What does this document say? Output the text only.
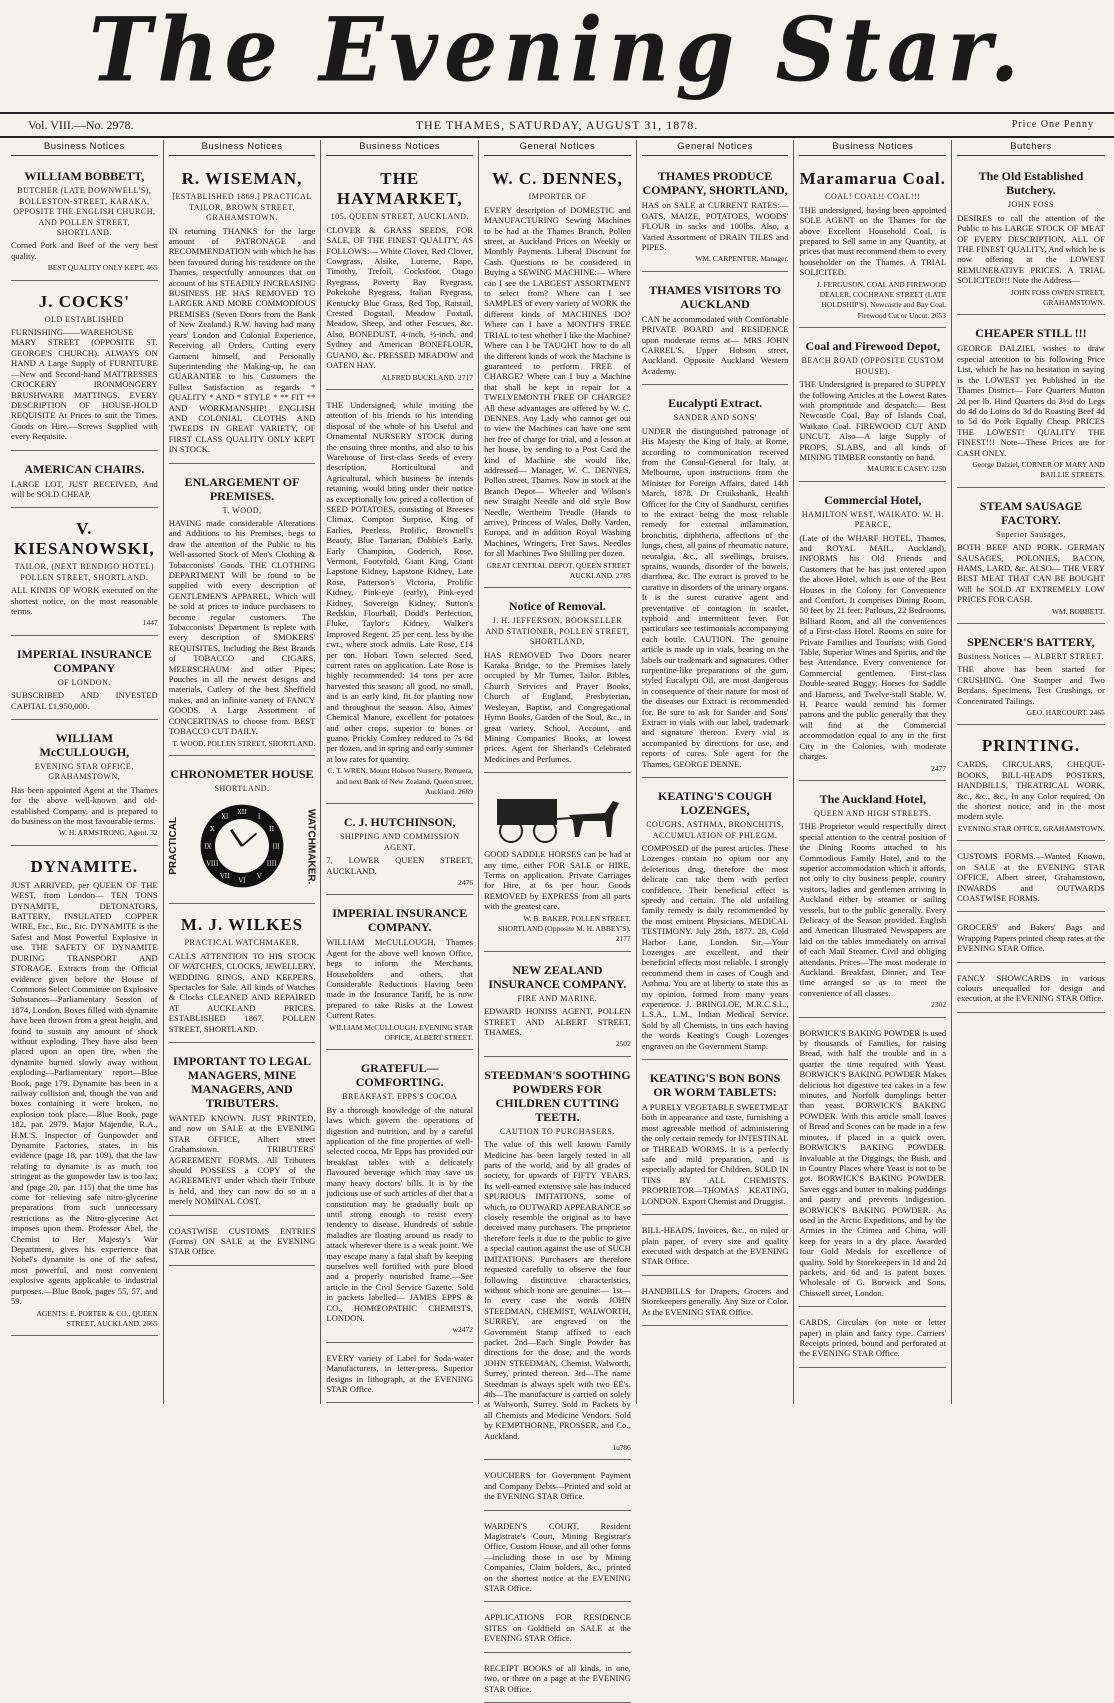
The Evening Star.
Vol. VIII.—No. 2978.	THE THAMES, SATURDAY, AUGUST 31, 1878.	Price One Penny
Business Notices
WILLIAM BOBBETT,
BUTCHER (LATE DOWNWELL'S), BOLLESTON-STREET, KARAKA, OPPOSITE THE ENGLISH CHURCH, AND POLLEN STREET, SHORTLAND.

Corned Pork and Beef of the very best quality.

BEST QUALITY ONLY KEPT. 465
J. COCKS'
OLD ESTABLISHED

FURNISHING——WAREHOUSE MARY STREET (OPPOSITE ST. GEORGE'S CHURCH). ALWAYS ON HAND A Large Supply of FURNITURE—New and Second-hand MATTRESSES CROCKERY IRONMONGERY BRUSHWARE MATTINGS. EVERY DESCRIPTION OF HOUSE-HOLD REQUISITE At Prices to suit the Times. Goods on Hire.—Screws Supplied with every Requisite.

AMERICAN CHAIRS.

LARGE LOT, JUST RECEIVED, And will be SOLD CHEAP.

V. KIESANOWSKI,
TAILOR, (NEXT BENDIGO HOTEL) POLLEN STREET, SHORTLAND.

ALL KINDS OF WORK executed on the shortest notice, on the most reasonable terms.

1447
IMPERIAL INSURANCE COMPANY
OF LONDON.

SUBSCRIBED AND INVESTED CAPITAL £1,950,000.

WILLIAM McCULLOUGH,
EVENING STAR OFFICE, GRAHAMSTOWN,

Has been appointed Agent at the Thames for the above well-known and old-established Company, and is prepared to do business on the most favourable terms.

W. H. ARMSTRONG, Agent. 32
DYNAMITE.

JUST ARRIVED, per QUEEN OF THE WEST, from London— TEN TONS DYNAMITE, DETONATORS, BATTERY, INSULATED COPPER WIRE, Etc., Etc., Etc. DYNAMITE is the Safest and Most Powerful Explosive in use. THE SAFETY OF DYNAMITE DURING TRANSPORT AND STORAGE. Extracts from the Official evidence given before the House of Commons Select Committee on Explosive Substances—Parliamentary Session of 1874, London. Boxes filled with dynamite have been thrown from a great height, and found to sustain any amount of shock without exploding. They have also been placed upon an open fire, when the dynamite burned slowly away without exploding—Parliamentary report—Blue Book, page 179. Dynamite has been in a railway collision and, though the van and boxes containing it were broken, no explosion took place.—Blue Book, page 182, par. 2979. Major Majendie, R.A., H.M.'S. Inspector of Gunpowder and Dynamite Factories, states, in his evidence (page 18, par. 109), that the law relating to dynamite is as much too stringent as the gunpowder law is too lax; and (page 20, par. 115) that the time has come for relieving safe nitro-glycerine preparations from such unnecessary restrictions as the Nitro-glycerine Act imposes upon them. Professor Abel, the Chemist to Her Majesty's War Department, gives his experience that Nobel's dynamite is one of the safest, most powerful, and most convenient explosive agents applicable to industrial purposes.—Blue Book, pages 55, 57, and 59.

AGENTS: E. PORTER & CO., QUEEN STREET, AUCKLAND. 2665
Business Notices
R. WISEMAN,
[ESTABLISHED 1869.] PRACTICAL TAILOR, BROWN STREET, GRAHAMSTOWN.

IN returning THANKS for the large amount of PATRONAGE and RECOMMENDATION with which he has been favoured during his residence on the Thames, respectfully announces that on account of his STEADILY INCREASING BUSINESS HE HAS REMOVED TO LARGER AND MORE COMMODIOUS PREMISES (Seven Doors from the Bank of New Zealand.) R.W. having had many years' London and Colonial Experience, Receiving all Orders, Cutting every Garment himself, and Personally Superintending the Making-up, he can GUARANTEE to his Customers the Fullest Satisfaction as regards * QUALITY * AND * STYLE * ** FIT ** AND WORKMANSHIP! ENGLISH AND COLONIAL CLOTHS AND TWEEDS IN GREAT VARIETY, OF FIRST CLASS QUALITY ONLY KEPT IN STOCK.

ENLARGEMENT OF PREMISES.
T. WOOD,

HAVING made considerable Alterations and Additions to his Premises, begs to draw the attention of the Public to his Well-assorted Stock of Men's Clothing & Tobacconists' Goods. THE CLOTHING DEPARTMENT Will be found to be supplied with every description of GENTLEMEN'S APPAREL, Which will be sold at prices to induce purchasers to become regular customers. The Tobacconists' Department Is replete with every description of SMOKERS' REQUISITES, Including the Best Brands of TOBACCO and CIGARS, MEERSCHAUM and other Pipes; Pouches in all the newest designs and materials, Cutlery of the best Sheffield makes, and an infinite variety of FANCY GOODS. A Large Assortment of CONCERTINAS to choose from. BEST TOBACCO CUT DAILY.

T. WOOD, POLLEN STREET, SHORTLAND.
CHRONOMETER HOUSE
SHORTLAND.
PRACTICAL
XII
I
II
III
IIII
V
VI
VII
VIII
IX
X
XI	WATCHMAKER.
M. J. WILKES
PRACTICAL WATCHMAKER,

CALLS ATTENTION TO HIS STOCK OF WATCHES, CLOCKS, JEWELLERY, WEDDING RINGS, AND KEEPERS. Spectacles for Sale. All kinds of Watches & Clocks CLEANED AND REPAIRED AT AUCKLAND PRICES. ESTABLISHED 1867. POLLEN STREET, SHORTLAND.

IMPORTANT TO LEGAL MANAGERS, MINE MANAGERS, AND TRIBUTERS.

WANTED KNOWN. JUST PRINTED, and now on SALE at the EVENING STAR OFFICE, Albert street Grahamstown. TRIBUTERS' AGREEMENT FORMS. All Tributers should POSSESS a COPY of the AGREEMENT under which their Tribute is held, and they can now do so at a merely NOMINAL COST.

COASTWISE CUSTOMS ENTRIES (Forms) ON SALE at the EVENING STAR Office.

Business Notices
THE HAYMARKET,
105, QUEEN STREET, AUCKLAND.

CLOVER & GRASS SEEDS, FOR SALE, OF THE FINEST QUALITY, AS FOLLOWS:— White Clover, Red Clover, Cowgrass, Alsike, Lucerne, Rape, Timothy, Trefoil, Cocksfoot, Otago Ryegrass, Poverty Bay Ryegrass, Pokekohe Ryegrass, Italian Ryegrass, Kentucky Blue Grass, Red Top, Ratstail, Crested Dogstail, Meadow Foxtail, Meadow, Sheep, and other Fescues, &c. Also, BONEDUST, 4-inch, ½-inch, and Sydney and American BONEFLOUR, GUANO, &c. PRESSED MEADOW and OATEN HAY.

ALFRED BUCKLAND. 2717

THE Undersigned, while inviting the attention of his friends to his intending disposal of the whole of his Useful and Ornamental NURSERY STOCK during the ensuing three months, and also to his Warehouse of first-class Seeds of every description, Horticultural and Agricultural, which business he intends retaining, would bring under their notice as exceptionally low priced a collection of SEED POTATOES, consisting of Breeses Climax, Compton Surprise, King of Earlies, Peerless, Prolific, Brownell's Beauty, Blue Tartarian, Dobbie's Early, Early Champion, Goderich, Rose, Vermont, Footyfold, Giant King, Giant Lapstone Kidney, Lapstone Kidney, Late Rose, Patterson's Victoria, Prolific Kidney, Pink-eye (early), Pink-eyed Kidney, Sovereign Kidney, Sutton's Redskin, Flourball, Dodd's Perfection, Fluke, Taylor's Kidney, Walker's Improved Regent. 25 per cent. less by the cwt., where stock admits. Late Rose, £14 per ton. Hobart Town selected Seed, current rates on application. Late Rose is highly recommended: 14 tons per acre harvested this season; all good, no small, and is an early kind, fit for planting now and throughout the season. Also, Aimes' Chemical Manure, excellent for potatoes and other crops, superior to bones or guano. Prickly Comfrey reduced to 7s 6d per dozen, and in spring and early summer at low rates for quantity.

C. T. WREN, Mount Hobson Nursery, Remuera, and next Bank of New Zealand, Queen street, Auckland. 2669
C. J. HUTCHINSON,
SHIPPING AND COMMISSION AGENT,

7, LOWER QUEEN STREET, AUCKLAND.

2476
IMPERIAL INSURANCE COMPANY.

WILLIAM McCULLOUGH, Thames Agent for the above well known Office, begs to inform the Merchants, Householders and others, that Considerable Reductions Having been made in the Insurance Tariff, he is now prepared to take Risks at the Lowest Current Rates.

WILLIAM McCULLOUGH, EVENING STAR OFFICE, ALBERT STREET.
GRATEFUL—COMFORTING.
BREAKFAST. EPPS'S COCOA

By a thorough knowledge of the natural laws which govern the operations of digestion and nutrition, and by a careful application of the fine properties of well-selected cocoa, Mr Epps has provided our breakfast tables with a delicately flavoured beverage which may save us many heavy doctors' bills. It is by the judicious use of such articles of diet that a constitution may be gradually built up until strong enough to resist every tendency to disease. Hundreds of subtle maladies are floating around us ready to attack wherever there is a weak point. We may escape many a fatal shaft by keeping ourselves well fortified with pure blood and a properly nourished frame.—See article in the Civil Service Gazette. Sold in packets labelled— JAMES EPPS & CO., HOMŒOPATHIC CHEMISTS, LONDON.

w2472

EVERY variety of Label for Soda-water Manufacturers, in letter-press. Superior designs in lithograph, at the EVENING STAR Office.

General Notices
W. C. DENNES,
IMPORTER OF

EVERY description of DOMESTIC and MANUFACTURING Sewing Machines to be had at the Thames Branch, Pollen street, at Auckland Prices on Weekly or Monthly Payments. Liberal Discount for Cash. Questions to be considered in Buying a SEWING MACHINE:— Where can I see the LARGEST ASSORTMENT to select from? Where can I see SAMPLES of every variety of WORK the different kinds of MACHINES DO? Where can I have a MONTH'S FREE TRIAL to test whether I like the Machine? Where can I be TAUGHT how to do all the different kinds of work the Machine is guaranteed to perform FREE of CHARGE? Where can I buy a Machine that shall be kept in repair for a TWELVEMONTH FREE OF CHARGE? All these advantages are offered by W. C. DENNES. Any Lady who cannot get out to view the Machines can have one sent her free of charge for trial, and a lesson at her house, by sending to a Post Card the kind of Machine she would like, addressed— Manager, W. C. DENNES, Pollen street, Thames. Now in stock at the Branch Depot— Wheeler and Wilson's new Straight Needle and old style Bow Needle, Wertheim Treadle (Hands to arrive), Princess of Wales, Dolly Varden, Europa, and in addition Royal Washing Machines, Wringers, Fret Saws. Needles for all Machines Two Shilling per dozen.

GREAT CENTRAL DEPOT, QUEEN STREET AUCKLAND. 2785
Notice of Removal.
J. H. JEFFERSON, BOOKSELLER AND STATIONER, POLLEN STREET, SHORTLAND,

HAS REMOVED Two Doors nearer Karaka Bridge, to the Premises lately occupied by Mr Turner, Tailor. Bibles, Church Services and Prayer Books, Church of England, Presbyterian, Wesleyan, Baptist, and Congregational Hymn Books, Garden of the Soul, &c., in great variety. School, Account, and Mining Companies' Books, at lowest prices. Agent for Sherland's Celebrated Medicines and Perfumes.

GOOD SADDLE HORSES can be had at any time, either FOR SALE or HIRE. Terms on application. Private Carriages for Hire, at 6s per hour. Goods REMOVED by EXPRESS from all parts with the greatest care.

W. B. BAKER, POLLEN STREET, SHORTLAND (Opposite M. H. ABBEY'S). 2177
NEW ZEALAND INSURANCE COMPANY.
FIRE AND MARINE.

EDWARD HONISS AGENT, POLLEN STREET AND ALBERT STREET, THAMES.

2502
STEEDMAN'S SOOTHING POWDERS FOR CHILDREN CUTTING TEETH.
CAUTION TO PURCHASERS.

The value of this well known Family Medicine has been largely tested in all parts of the world, and by all grades of society, for upwards of FIFTY YEARS. Its well-earned extensive sale has induced SPURIOUS IMITATIONS, some of which, to OUTWARD APPEARANCE so closely resemble the original as to have deceived many purchasers. The proprietor therefore feels it due to the public to give a special caution against the use of SUCH IMITATIONS. Purchasers are therefore requested carefully to observe the four following distinctive characteristics, without which none are genuine:— 1st—In every case the words JOHN STEEDMAN, CHEMIST, WALWORTH, SURREY, are engraved on the Government Stamp affixed to each packet. 2nd—Each Single Powder has directions for the dose, and the words JOHN STEEDMAN, Chemist, Walworth, Surrey, printed thereon. 3rd—The name Steedman is always spelt with two EE's. 4th—The manufacture is carried on solely at Walworth, Surrey. Sold in Packets by all Chemists and Medicine Vendors. Sold by KEMPTHORNE, PROSSER, and Co., Auckland.

1u?86

VOUCHERS for Government Payment and Company Debts—Printed and sold at the EVENING STAR Office.

WARDEN'S COURT, Resident Magistrate's Court, Mining Registrar's Office, Custom House, and all other forms—including those in use by Mining Companies, Claim holders, &c., printed on the shortest notice at the EVENING STAR Office.

APPLICATIONS FOR RESIDENCE SITES on Goldfield on SALE at the EVENING STAR Office.

RECEIPT BOOKS of all kinds, in one, two, or three on a page at the EVENING STAR Office.

General Notices
THAMES PRODUCE COMPANY, SHORTLAND,

HAS on SALE at CURRENT RATES:— OATS, MAIZE, POTATOES, WOODS' FLOUR in sacks and 100lbs. Also, a Varied Assortment of DRAIN TILES and PIPES.

WM. CARPENTER, Manager.
THAMES VISITORS TO AUCKLAND

CAN be accommodated with Comfortable PRIVATE BOARD and RESIDENCE upon moderate terms at— MRS JOHN CARREL'S, Upper Hobson street, Auckland. Opposite Auckland Western Academy.

Eucalypti Extract.
SANDER AND SONS'

UNDER the distinguished patronage of His Majesty the King of Italy, at Rome, according to communication received from the Consul-General for Italy, at Melbourne, upon instructions from the Minister for Foreign Affairs, dated 14th March, 1878. Dr Cruikshank, Health Officer for the City of Sandhurst, certifies to the extract being the most reliable remedy for external inflammation, bronchitis, diphtheria, affections of the lungs, chest, all pains of rheumatic nature, neuralgia, &c., all swellings, bruises, sprains, wounds, disorder of the bowels, diarrhœa, &c. The extract is proved to be curative in disorders of the urinary organs. It is the surest curative agent and preventative of contagion in scarlet, typhoid and intermittent fever. For particulars see testimonials accompanying each bottle. CAUTION. The genuine article is made up in vials, bearing on the labels our trademark and signatures. Other turpentine-like preparations of the gum, styled Eucalypti Oil, are most dangerous in consequence of their nature for most of the diseases our Extract is recommended for. Be sure to ask for Sander and Sons' Extract in vials with our label, trademark and signature thereon. Every vial is accompanied by directions for use, and reports of cures. Sole agent for the Thames, GEORGE DENNE.

KEATING'S COUGH LOZENGES,
COUGHS, ASTHMA, BRONCHITIS, ACCUMULATION OF PHLEGM.

COMPOSED of the purest articles. These Lozenges contain no opium nor any deleterious drug, therefore the most delicate can take them with perfect confidence. Their beneficial effect is speedy and certain. The old unfailing family remedy is daily recommended by the most eminent Physicians. MEDICAL TESTIMONY. July 28th, 1877. 28, Cold Harbor Lane, London. Sir,—Your Lozenges are excellent, and their beneficial effects most reliable. I strongly recommend them in cases of Cough and Asthma. You are at liberty to state this as my opinion, formed from many years experience. J. BRINGLOE, M.R.C.S.L., L.S.A., L.M., Indian Medical Service. Sold by all Chemists, in tins each having the words Keating's Cough Lozenges engraven on the Government Stamp.

KEATING'S BON BONS OR WORM TABLETS:

A PURELY VEGETABLE SWEETMEAT both in appearance and taste, furnishing a most agreeable method of administering the only certain remedy for INTESTINAL or THREAD WORMS. It is a perfectly safe and mild preparation, and is especially adapted for Children. SOLD IN TINS BY ALL CHEMISTS. PROPRIETOR—THOMAS KEATING, LONDON. Export Chemist and Druggist.

BILL-HEADS, Invoices, &c., on ruled or plain paper, of every size and quality executed with despatch at the EVENING STAR Office.

HANDBILLS for Drapers, Grocers and Storekeepers generally. Any Size or Color. At the EVENING STAR Office.

Business Notices
Maramarua Coal.
COAL! COAL!! COAL!!!

THE undersigned, having been appointed SOLE AGENT on the Thames for the above Excellent Household Coal, is prepared to Sell same in any Quantity, at prices that must recommend them to every householder on the Thames. A TRIAL SOLICITED.

J. FERGUSON, COAL AND FIREWOOD DEALER, COCHRANE STREET (LATE HOLDSHIP'S). Newcastle and Bay Coal. Firewood Cut or Uncut. 2653
Coal and Firewood Depot,
BEACH ROAD (OPPOSITE CUSTOM HOUSE).

THE Undersigned is prepared to SUPPLY the following Articles at the Lowest Rates with promptitude and despatch:— Best Newcastle Coal, Bay of Islands Coal, Waikato Coal. FIREWOOD CUT AND UNCUT. Also—A large Supply of PROPS, SLABS, and all kinds of MINING TIMBER constantly on hand.

MAURICE CASEY. 1250
Commercial Hotel,
HAMILTON WEST, WAIKATO. W. H. PEARCE,

(Late of the WHARF HOTEL, Thames, and ROYAL MAIL, Auckland), INFORMS his Old Friends and Customers that he has just entered upon the above Hotel, which is one of the Best Houses in the Colony for Convenience and Comfort. It comprises Dining Room, 50 feet by 21 feet; Parlours, 22 Bedrooms, Billiard Room, and all the conveniences of a First-class Hotel. Rooms en suite for Private Families and Tourists; with Good Table, Superior Wines and Spirits, and the best Attendance. Every convenience for Commercial gentlemen. First-class Double-seated Buggy, Horses for Saddle and Harness, and Twelve-stall Stable. W. H. Pearce would remind his former patrons and the public generally that they will find at the Commercial accommodation equal to any in the first City in the Colonies, with moderate charges.

2477
The Auckland Hotel,
QUEEN AND HIGH STREETS.

THE Proprietor would respectfully direct special attention to the central position of the Dining Rooms attached to his Commodious Family Hotel, and to the superior accommodation which it affords, not only to city business people, country visitors, ladies and gentlemen arriving in Auckland either by steamer or sailing vessels, but to the public generally. Every Delicacy of the Season provided. English and American Illustrated Newspapers are laid on the tables immediately on arrival of each Mail Steamer. Civil and obliging attendants. Prices—The most moderate in Auckland. Breakfast, Dinner, and Tea-time arranged so as to meet the convenience of all classes.

2302

BORWICK'S BAKING POWDER is used by thousands of Families, for raising Bread, with half the trouble and in a quarter the time required with Yeast. BORWICK'S BAKING POWDER Makes delicious hot digestive tea cakes in a few minutes, and Norfolk dumplings better than yeast. BORWICK'S BAKING POWDER. With this article small loaves of Bread and Scones can be made in a few minutes, if placed in a quick oven. BORWICK'S BAKING POWDER. Invaluable at the Diggings, the Bush, and in Country Places where Yeast is not to be got. BORWICK'S BAKING POWDER. Saves eggs and butter in making puddings and pastry and prevents indigestion. BORWICK'S BAKING POWDER. As used in the Arctic Expeditions, and by the Armies in the Crimea and China, will keep for years in a dry place. Awarded four Gold Medals for excellence of quality. Sold by Storekeepers in 1d and 2d packets, and 6d and 1s patent boxes. Wholesale of G. Borwick and Sons, Chiswell street, London.

CARDS, Circulars (on note or letter paper) in plain and fancy type. Carriers' Receipts printed, bound and perforated at the EVENING STAR Office.

Butchers
The Old Established Butchery.
JOHN FOSS

DESIRES to call the attention of the Public to his LARGE STOCK OF MEAT OF EVERY DESCRIPTION, ALL OF THE FINEST QUALITY, And which he is now offering at the LOWEST REMUNERATIVE PRICES. A TRIAL SOLICITED!!! Note the Address—

JOHN FOSS OWEN STREET, GRAHAMSTOWN.
CHEAPER STILL !!!

GEORGE DALZIEL wishes to draw especial attention to his following Price List, which he has no hesitation in saying is the LOWEST yet Published in the Thames District— Fore Quarters Mutton 2d per lb. Hind Quarters do 3½d do Legs do 4d do Loins do 3d do Roasting Beef 4d to 5d do Pork Equally Cheap. PRICES THE LOWEST! QUALITY THE FINEST!!! Note—These Prices are for CASH ONLY.

George Dalziel, CORNER OF MARY AND BAILLIE STREETS.
STEAM SAUSAGE FACTORY.
Superior Sausages,

BOTH BEEF AND PORK. GERMAN SAUSAGES, POLONIES, BACON, HAMS, LARD, &c. ALSO— THE VERY BEST MEAT THAT CAN BE BOUGHT Will be SOLD AT EXTREMELY LOW PRICES FOR CASH.

WM. BOBBETT.
SPENCER'S BATTERY,
Business Notices — ALBERT STREET.

THE above has been started for CRUSHING. One Stamper and Two Berdans. Specimens, Test Crushings, or Concentrated Tailings.

GEO. HARCOURT. 2465
PRINTING.

CARDS, CIRCULARS, CHEQUE-BOOKS, BILL-HEADS POSTERS, HANDBILLS, THEATRICAL WORK, &c., &c., &c., In any Color required, On the shortest notice, and in the most modern style.

EVENING STAR OFFICE, GRAHAMSTOWN.

CUSTOMS FORMS.—Wanted Known, on SALE at the EVENING STAR OFFICE, Albert street, Grahamstown, INWARDS and OUTWARDS COASTWISE FORMS.

GROCERS' and Bakers' Bags and Wrapping Papers printed cheap rates at the EVENING STAR Office.

FANCY SHOWCARDS in various colours unequalled for design and execution, at the EVENING STAR Office.
